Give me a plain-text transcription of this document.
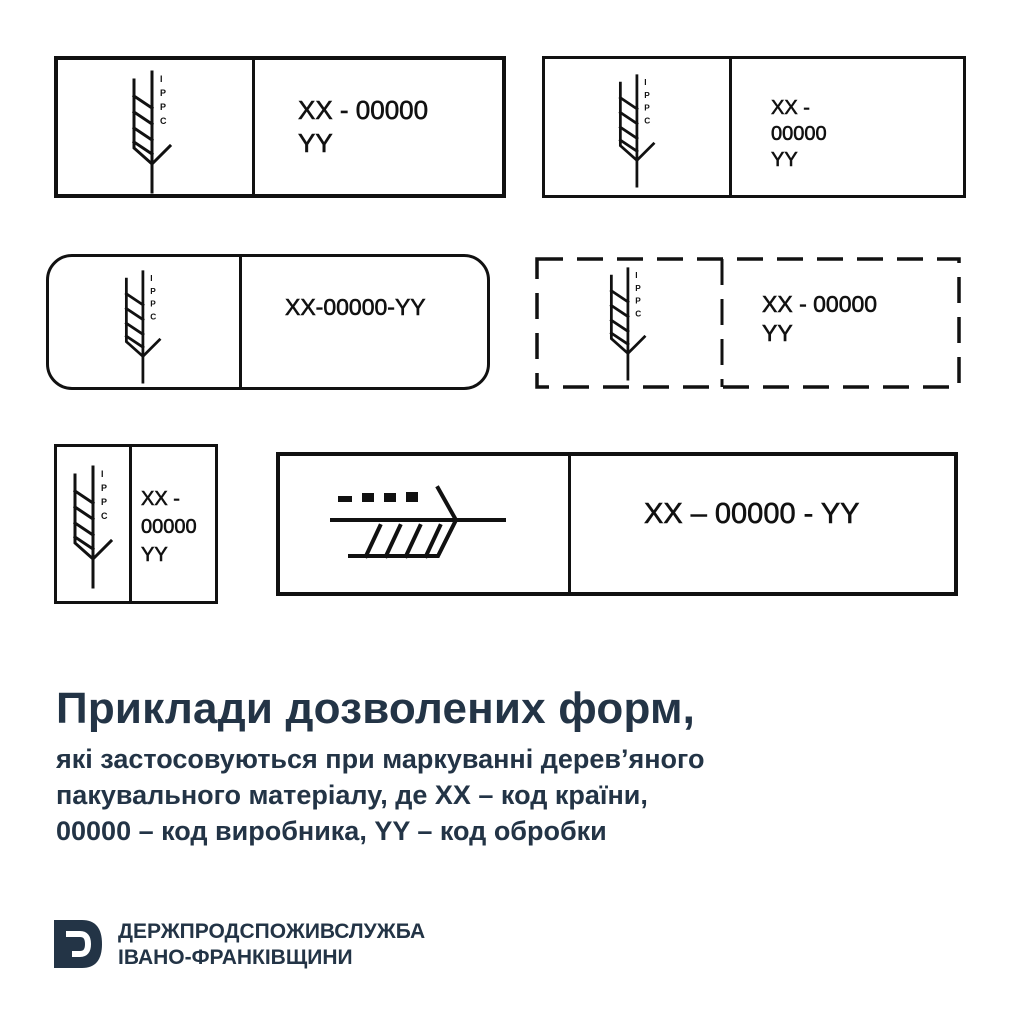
I
P
P
C	XX - 00000
YY
I
P
P
C
XX -
00000
YY
I
P
P
C	XX-00000-YY
I
P
P
C	XX - 00000
YY
I
P
P
C
XX -
00000
YY
XX – 00000 - YY

Приклади дозволених форм,

які застосовуються при маркуванні дерев’яного

пакувального матеріалу, де XX – код країни,

00000 – код виробника, YY – код обробки

ДЕРЖПРОДСПОЖИВСЛУЖБА
ІВАНО-ФРАНКІВЩИНИ
